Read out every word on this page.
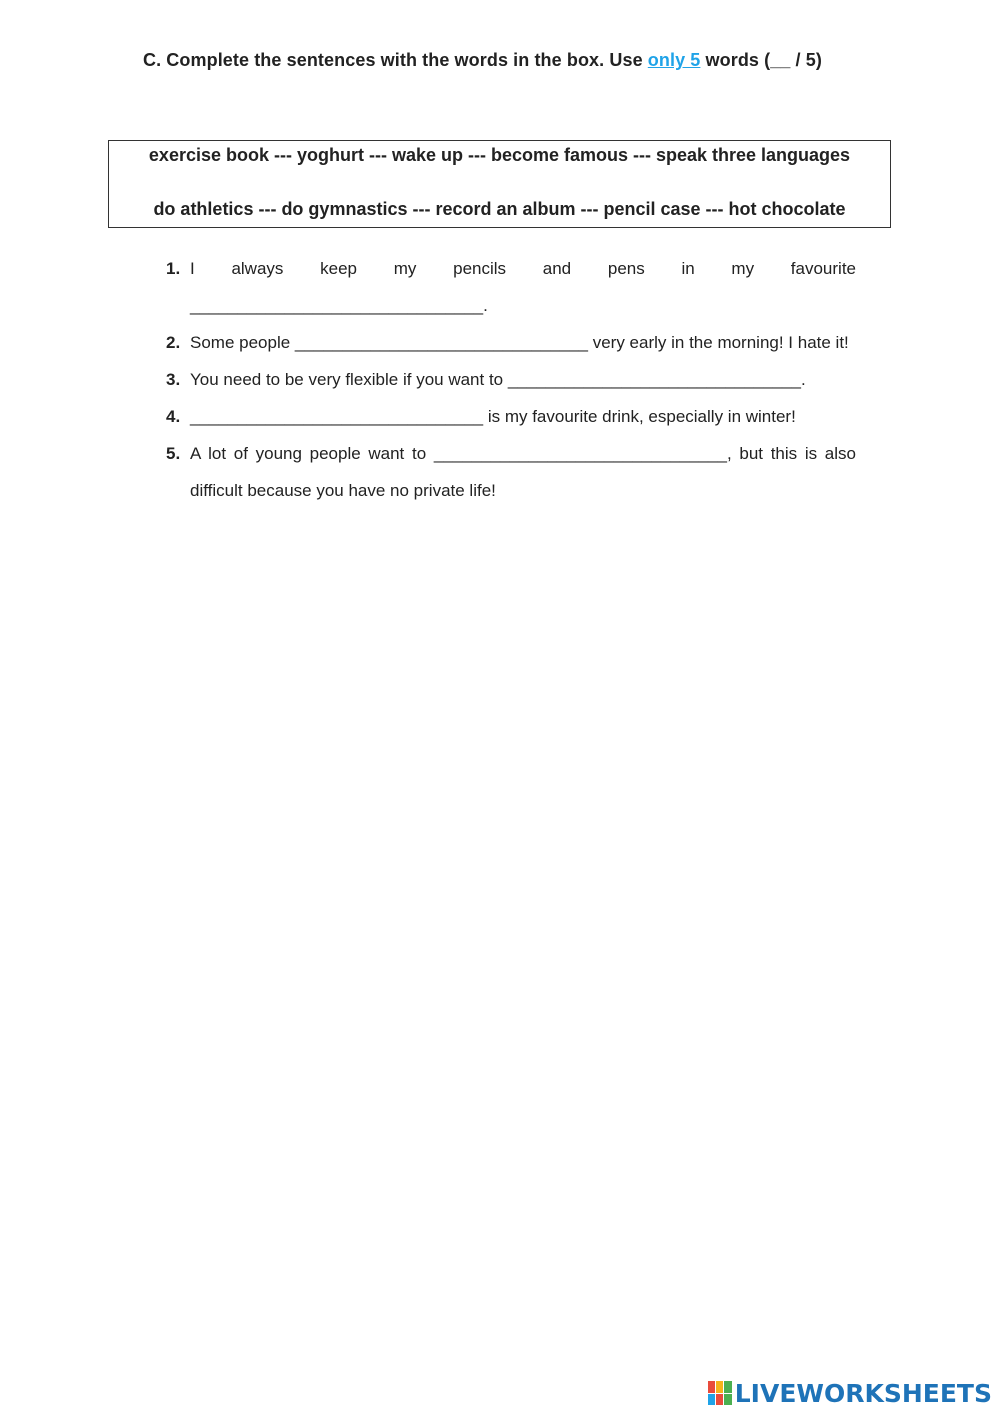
C. Complete the sentences with the words in the box. Use only 5 words (__ / 5)
exercise book --- yoghurt --- wake up --- become famous --- speak three languages
do athletics --- do gymnastics --- record an album --- pencil case --- hot chocolate
1. I always keep my pencils and pens in my favourite
_______________________________.
2. Some people _______________________________ very early in the morning! I hate it!
3. You need to be very flexible if you want to _______________________________.
4. _______________________________ is my favourite drink, especially in winter!
5. A lot of young people want to _______________________________, but this is also difficult because you have no private life!
LIVEWORKSHEETS
